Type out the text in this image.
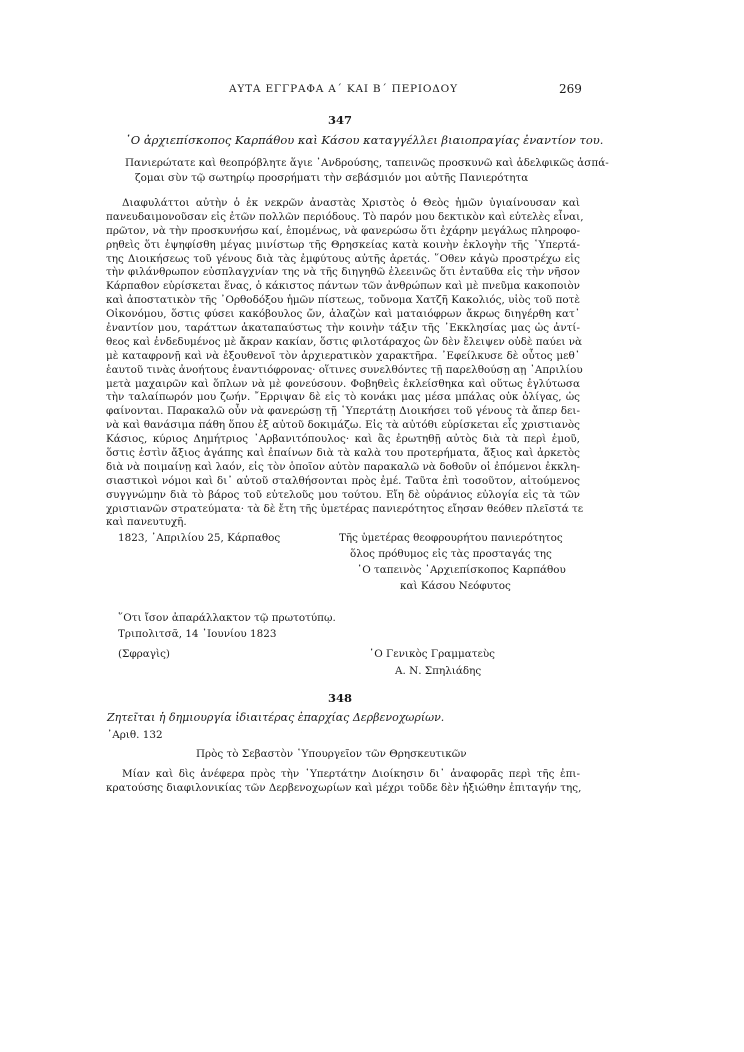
ΑΥΤΑ ΕΓΓΡΑΦΑ Α΄ ΚΑΙ Β΄ ΠΕΡΙΟΔΟΥ	269
347
῾Ο ἀρχιεπίσκοπος Καρπάθου καὶ Κάσου καταγγέλλει βιαιοπραγίας ἐναντίον του.
Πανιερώτατε καὶ θεοπρόβλητε ἅγιε ᾿Ανδρούσης, ταπεινῶς προσκυνῶ καὶ ἀδελφικῶς ἀσπά-
ζομαι σὺν τῷ σωτηρίῳ προσρήματι τὴν σεβάσμιόν μοι αὐτῆς Πανιερότητα
Διαφυλάττοι αὐτὴν ὁ ἐκ νεκρῶν ἀναστὰς Χριστὸς ὁ Θεὸς ἡμῶν ὑγιαίνουσαν καὶ
πανευδαιμονοῦσαν εἰς ἐτῶν πολλῶν περιόδους. Τὸ παρόν μου δεκτικὸν καὶ εὐτελὲς εἶναι,
πρῶτον, νὰ τὴν προσκυνήσω καί, ἑπομένως, νὰ φανερώσω ὅτι ἐχάρην μεγάλως πληροφο-
ρηθεὶς ὅτι ἐψηφίσθη μέγας μινίστωρ τῆς Θρησκείας κατὰ κοινὴν ἐκλογὴν τῆς ῾Υπερτά-
της Διοικήσεως τοῦ γένους διὰ τὰς ἐμφύτους αὐτῆς ἀρετάς. ῞Οθεν κἀγὼ προστρέχω εἰς
τὴν φιλάνθρωπον εὐσπλαγχνίαν της νὰ τῆς διηγηθῶ ἐλεεινῶς ὅτι ἐνταῦθα εἰς τὴν νῆσον
Κάρπαθον εὑρίσκεται ἕνας, ὁ κάκιστος πάντων τῶν ἀνθρώπων καὶ μὲ πνεῦμα κακοποιὸν
καὶ ἀποστατικὸν τῆς ᾿Ορθοδόξου ἡμῶν πίστεως, τοὔνομα Χατζῆ Κακολιός, υἱὸς τοῦ ποτὲ
Οἰκονόμου, ὅστις φύσει κακόβουλος ὤν, ἀλαζὼν καὶ ματαιόφρων ἄκρως διηγέρθη κατ᾿
ἐναντίον μου, ταράττων ἀκαταπαύστως τὴν κοινὴν τάξιν τῆς ᾿Εκκλησίας μας ὡς ἀντί-
θεος καὶ ἐνδεδυμένος μὲ ἄκραν κακίαν, ὅστις φιλοτάραχος ὢν δὲν ἔλειψεν οὐδὲ παύει νὰ
μὲ καταφρονῇ καὶ νὰ ἐξουθενοῖ τὸν ἀρχιερατικὸν χαρακτῆρα. ᾿Εφείλκυσε δὲ οὗτος μεθ᾿
ἑαυτοῦ τινὰς ἀνοήτους ἐναντιόφρονας· οἵτινες συνελθόντες τῇ παρελθούσῃ αῃ ᾿Απριλίου
μετὰ μαχαιρῶν καὶ ὅπλων νὰ μὲ φονεύσουν. Φοβηθεὶς ἐκλείσθηκα καὶ οὕτως ἐγλύτωσα
τὴν ταλαίπωρόν μου ζωήν. ῎Ερριψαν δὲ εἰς τὸ κονάκι μας μέσα μπάλας οὐκ ὀλίγας, ὡς
φαίνονται. Παρακαλῶ οὖν νὰ φανερώσῃ τῇ ῾Υπερτάτῃ Διοικήσει τοῦ γένους τὰ ἄπερ δει-
νὰ καὶ θανάσιμα πάθη ὅπου ἐξ αὐτοῦ δοκιμάζω. Εἰς τὰ αὐτόθι εὑρίσκεται εἷς χριστιανὸς
Κάσιος, κύριος Δημήτριος ᾿Αρβανιτόπουλος· καὶ ἂς ἐρωτηθῇ αὐτὸς διὰ τὰ περὶ ἐμοῦ,
ὅστις ἐστὶν ἄξιος ἀγάπης καὶ ἐπαίνων διὰ τὰ καλὰ του προτερήματα, ἄξιος καὶ ἀρκετὸς
διὰ νὰ ποιμαίνῃ καὶ λαόν, εἰς τὸν ὁποῖον αὐτὸν παρακαλῶ νὰ δοθοῦν οἱ ἐπόμενοι ἐκκλη-
σιαστικοὶ νόμοι καὶ δι᾿ αὐτοῦ σταλθήσονται πρὸς ἐμέ. Ταῦτα ἐπὶ τοσοῦτον, αἰτούμενος
συγγνώμην διὰ τὸ βάρος τοῦ εὐτελοῦς μου τούτου. Εἴη δὲ οὐράνιος εὐλογία εἰς τὰ τῶν
χριστιανῶν στρατεύματα· τὰ δὲ ἔτη τῆς ὑμετέρας πανιερότητος εἴησαν θεόθεν πλεῖστά τε
καὶ πανευτυχῆ.
1823, ᾿Απριλίου 25, Κάρπαθος	Τῆς ὑμετέρας θεοφρουρήτου πανιερότητος
ὅλος πρόθυμος εἰς τὰς προσταγάς της
῾Ο ταπεινὸς ᾿Αρχιεπίσκοπος Καρπάθου
καὶ Κάσου Νεόφυτος
῞Οτι ἴσον ἀπαράλλακτον τῷ πρωτοτύπῳ.
Τριπολιτσᾶ, 14 ᾿Ιουνίου 1823
(Σφραγὶς)	῾Ο Γενικὸς Γραμματεὺς
Α. Ν. Σπηλιάδης
348
Ζητεῖται ἡ δημιουργία ἰδιαιτέρας ἐπαρχίας Δερβενοχωρίων.
᾿Αριθ. 132
Πρὸς τὸ Σεβαστὸν ῾Υπουργεῖον τῶν Θρησκευτικῶν
Μίαν καὶ δὶς ἀνέφερα πρὸς τὴν ῾Υπερτάτην Διοίκησιν δι᾿ ἀναφορᾶς περὶ τῆς ἐπι-
κρατούσης διαφιλονικίας τῶν Δερβενοχωρίων καὶ μέχρι τοῦδε δὲν ἠξιώθην ἐπιταγήν της,
